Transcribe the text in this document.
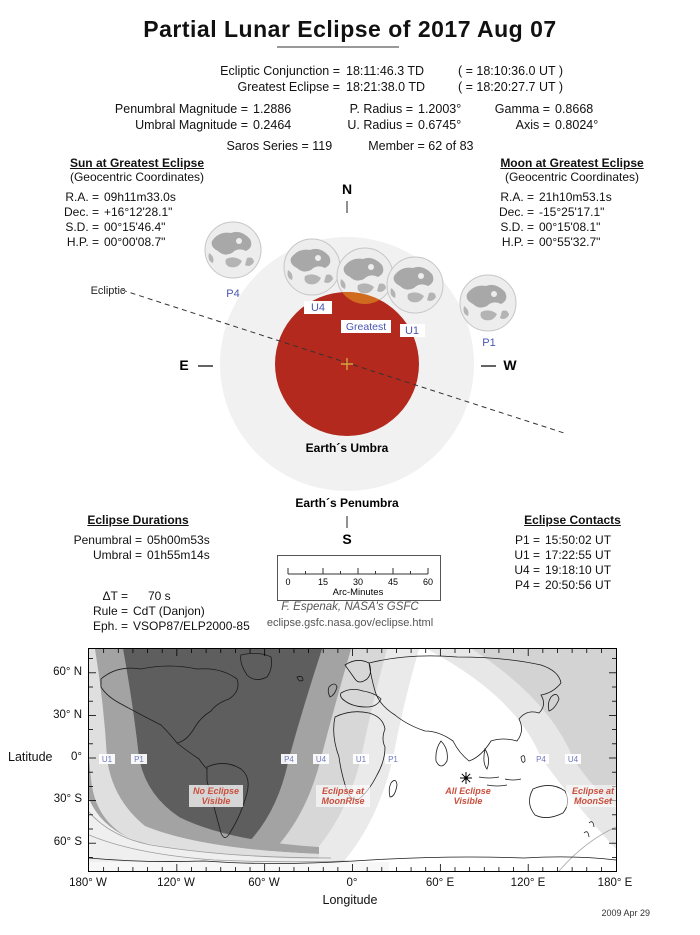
Partial Lunar Eclipse of 2017 Aug 07
Ecliptic Conjunction = 18:11:46.3 TD	( = 18:10:36.0 UT )
Greatest Eclipse = 18:21:38.0 TD	( = 18:20:27.7 UT )
Penumbral Magnitude = 1.2886	P. Radius = 1.2003°	Gamma = 0.8668
Umbral Magnitude = 0.2464	U. Radius = 0.6745°	Axis = 0.8024°
Saros Series = 119	Member = 62 of 83
Sun at Greatest Eclipse
(Geocentric Coordinates)
R.A. = 09h11m33.0s
Dec. = +16°12'28.1"
S.D. = 00°15'46.4"
H.P. = 00°00'08.7"
Moon at Greatest Eclipse
(Geocentric Coordinates)
R.A. = 21h10m53.1s
Dec. = -15°25'17.1"
S.D. = 00°15'08.1"
H.P. = 00°55'32.7"
Ecliptic
N
E	W
P4
U4
Greatest U1
P1
Earth´s Umbra
Earth´s Penumbra
S
Eclipse Durations
Penumbral = 05h00m53s
Umbral = 01h55m14s
Eclipse Contacts
P1 = 15:50:02 UT
U1 = 17:22:55 UT
U4 = 19:18:10 UT
P4 = 20:50:56 UT
ΔT = 70 s
Rule = CdT (Danjon)
Eph. = VSOP87/ELP2000-85
0	15	30	45	60
Arc-Minutes
F. Espenak, NASA's GSFC
eclipse.gsfc.nasa.gov/eclipse.html
U1	P1	P4	U4	U1	P1	P4	U4
No Eclipse
Visible
Eclipse at
MoonRise
All Eclipse
Visible
Eclipse at
MoonSet
Latitude
60° N
30° N
0°
30° S
60° S
180° W	120° W	60° W	0°	60° E	120° E	180° E
Longitude
2009 Apr 29
